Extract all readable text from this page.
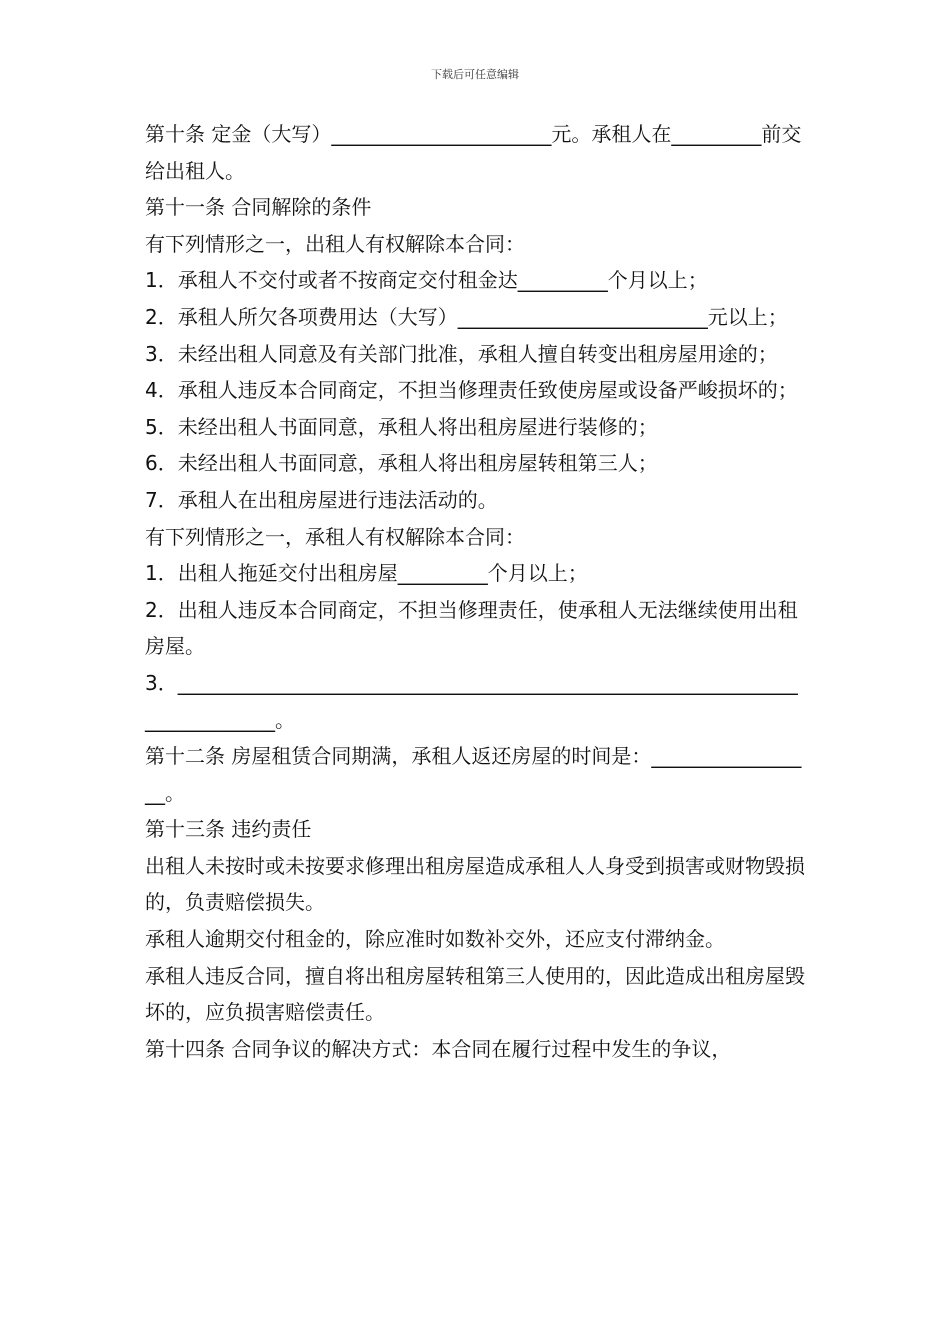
下载后可任意编辑

第十条 定金（大写）______________________元。承租人在_________前交给出租人。

第十一条 合同解除的条件

有下列情形之一，出租人有权解除本合同：

1．承租人不交付或者不按商定交付租金达_________个月以上；

2．承租人所欠各项费用达（大写）_________________________元以上；

3．未经出租人同意及有关部门批准，承租人擅自转变出租房屋用途的；

4．承租人违反本合同商定，不担当修理责任致使房屋或设备严峻损坏的；

5．未经出租人书面同意，承租人将出租房屋进行装修的；

6．未经出租人书面同意，承租人将出租房屋转租第三人；

7．承租人在出租房屋进行违法活动的。

有下列情形之一，承租人有权解除本合同：

1．出租人拖延交付出租房屋_________个月以上；

2．出租人违反本合同商定，不担当修理责任，使承租人无法继续使用出租房屋。

3．___________________________________________________________________________。

第十二条 房屋租赁合同期满，承租人返还房屋的时间是：_________________。

第十三条 违约责任

出租人未按时或未按要求修理出租房屋造成承租人人身受到损害或财物毁损的，负责赔偿损失。

承租人逾期交付租金的，除应准时如数补交外，还应支付滞纳金。

承租人违反合同，擅自将出租房屋转租第三人使用的，因此造成出租房屋毁坏的，应负损害赔偿责任。

第十四条 合同争议的解决方式：本合同在履行过程中发生的争议，
